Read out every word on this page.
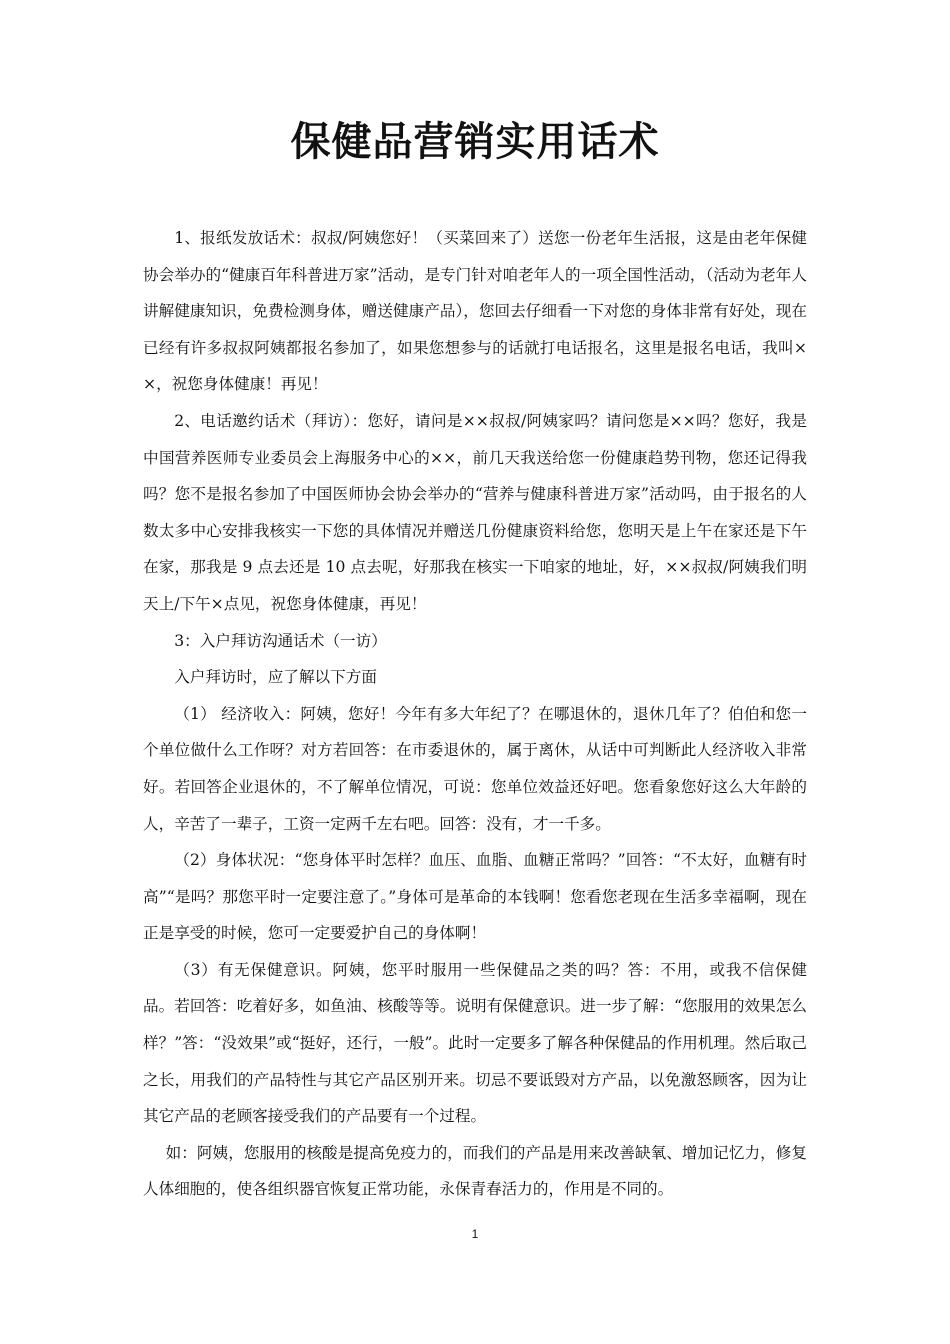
保健品营销实用话术

1、报纸发放话术：叔叔/阿姨您好！（买菜回来了）送您一份老年生活报，这是由老年保健协会举办的“健康百年科普进万家”活动，是专门针对咱老年人的一项全国性活动，（活动为老年人讲解健康知识，免费检测身体，赠送健康产品），您回去仔细看一下对您的身体非常有好处，现在已经有许多叔叔阿姨都报名参加了，如果您想参与的话就打电话报名，这里是报名电话，我叫××，祝您身体健康！再见！

2、电话邀约话术（拜访）：您好，请问是××叔叔/阿姨家吗？请问您是××吗？您好，我是中国营养医师专业委员会上海服务中心的××，前几天我送给您一份健康趋势刊物，您还记得我吗？您不是报名参加了中国医师协会协会举办的“营养与健康科普进万家”活动吗，由于报名的人数太多中心安排我核实一下您的具体情况并赠送几份健康资料给您，您明天是上午在家还是下午在家，那我是 9 点去还是 10 点去呢，好那我在核实一下咱家的地址，好，××叔叔/阿姨我们明天上/下午×点见，祝您身体健康，再见！

3：入户拜访沟通话术（一访）

入户拜访时，应了解以下方面

（1） 经济收入：阿姨，您好！今年有多大年纪了？在哪退休的，退休几年了？伯伯和您一个单位做什么工作呀？对方若回答：在市委退休的，属于离休，从话中可判断此人经济收入非常好。若回答企业退休的，不了解单位情况，可说：您单位效益还好吧。您看象您好这么大年龄的人，辛苦了一辈子，工资一定两千左右吧。回答：没有，才一千多。

（2）身体状况：“您身体平时怎样？血压、血脂、血糖正常吗？”回答：“不太好，血糖有时高”“是吗？那您平时一定要注意了。”身体可是革命的本钱啊！您看您老现在生活多幸福啊，现在正是享受的时候，您可一定要爱护自己的身体啊！

（3）有无保健意识。阿姨，您平时服用一些保健品之类的吗？答：不用，或我不信保健品。若回答：吃着好多，如鱼油、核酸等等。说明有保健意识。进一步了解：“您服用的效果怎么样？”答：“没效果”或“挺好，还行，一般”。此时一定要多了解各种保健品的作用机理。然后取己之长，用我们的产品特性与其它产品区别开来。切忌不要诋毁对方产品，以免激怒顾客，因为让其它产品的老顾客接受我们的产品要有一个过程。

如：阿姨，您服用的核酸是提高免疫力的，而我们的产品是用来改善缺氧、增加记忆力，修复人体细胞的，使各组织器官恢复正常功能，永保青春活力的，作用是不同的。

1
